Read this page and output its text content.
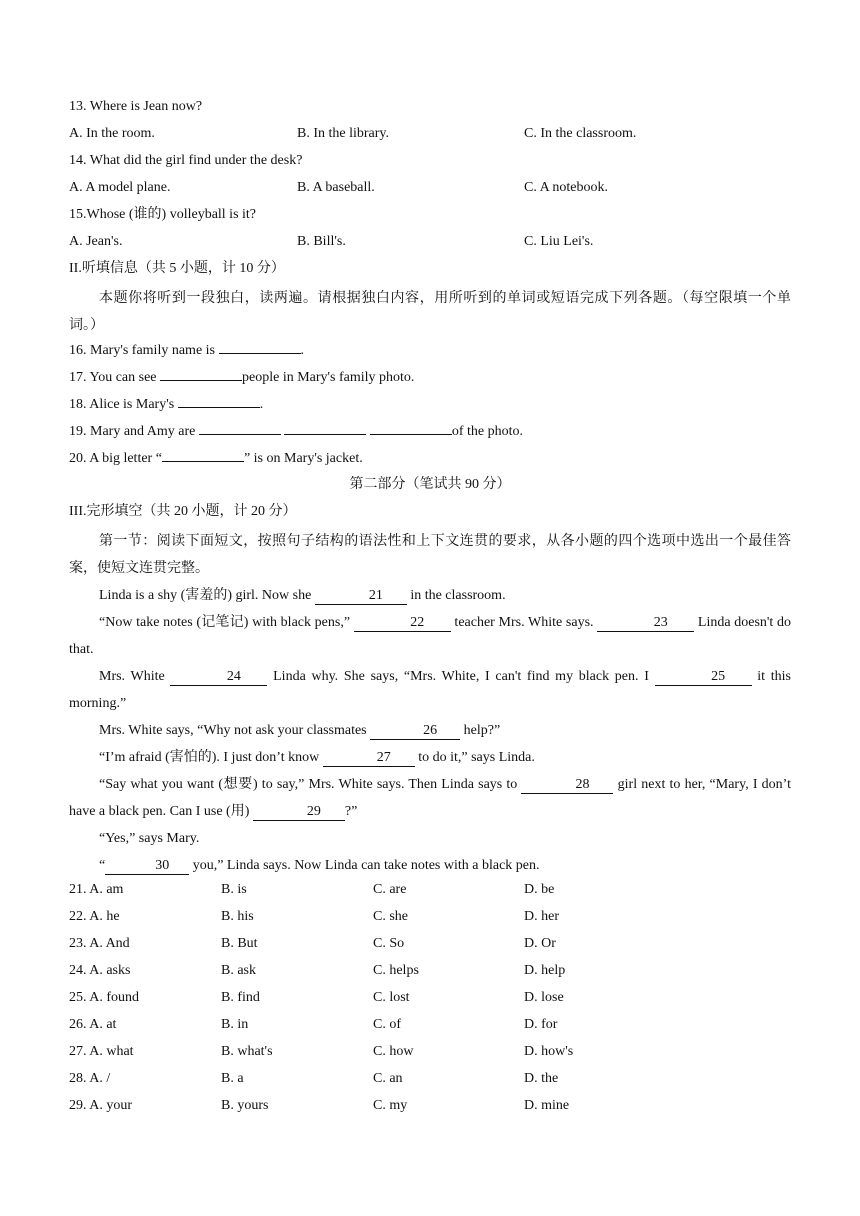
13. Where is Jean now?
A. In the room.	B. In the library.	C. In the classroom.
14. What did the girl find under the desk?
A. A model plane.	B. A baseball.	C. A notebook.
15.Whose (谁的) volleyball is it?
A. Jean's.	B. Bill's.	C. Liu Lei's.
II.听填信息（共 5 小题，计 10 分）

本题你将听到一段独白，读两遍。请根据独白内容，用所听到的单词或短语完成下列各题。（每空限填一个单词。）

16. Mary's family name is	.
17. You can see	people in Mary's family photo.
18. Alice is Mary's	.
19. Mary and Amy are	of the photo.
20. A big letter “	” is on Mary's jacket.
第二部分（笔试共 90 分）
III.完形填空（共 20 小题，计 20 分）

第一节：阅读下面短文，按照句子结构的语法性和上下文连贯的要求，从各小题的四个选项中选出一个最佳答案，使短文连贯完整。

Linda is a shy (害羞的) girl. Now she	21 in the classroom.

“Now take notes (记笔记) with black pens,”	22 teacher Mrs. White says.	23 Linda doesn't do that.

Mrs. White	24 Linda why. She says, “Mrs. White, I can't find my black pen. I	25 it this morning.”

Mrs. White says, “Why not ask your classmates	26 help?”

“I’m afraid (害怕的). I just don’t know	27 to do it,” says Linda.

“Say what you want (想要) to say,” Mrs. White says. Then Linda says to	28 girl next to her, “Mary, I don’t have a black pen. Can I use (用)	29 ?”

“Yes,” says Mary.

“	30 you,” Linda says. Now Linda can take notes with a black pen.

21. A. am	B. is	C. are	D. be
22. A. he	B. his	C. she	D. her
23. A. And	B. But	C. So	D. Or
24. A. asks	B. ask	C. helps	D. help
25. A. found	B. find	C. lost	D. lose
26. A. at	B. in	C. of	D. for
27. A. what	B. what's	C. how	D. how's
28. A. /	B. a	C. an	D. the
29. A. your	B. yours	C. my	D. mine
